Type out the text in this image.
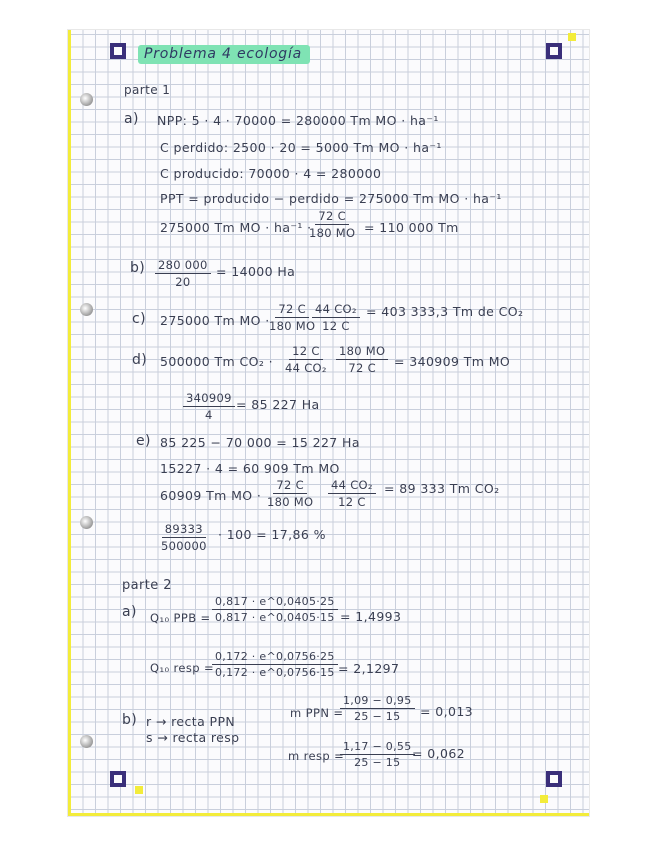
Problema 4 ecología
parte 1
a) NPP: 5 · 4 · 70000 = 280000 Tm MO · ha⁻¹
C perdido: 2500 · 20 = 5000 Tm MO · ha⁻¹
C producido: 70000 · 4 = 280000
PPT = producido − perdido = 275000 Tm MO · ha⁻¹
275000 Tm MO · ha⁻¹ ·
$\frac{72 C}{180 MO} = 110$ 000 Tm
$b) \frac{280 000}{20} = 14000$ Ha
c) 275000 Tm MO ·
$\frac{72 C}{180 MO}$
$\frac{\text{44 CO₂}}{12 C} = 403$ 333,3 Tm de CO₂
d) 500000 Tm $CO_2 \cdot \frac{12 C}{\text{44 CO₂}} \frac{180 MO}{72 C} = 340909$ Tm MO
$\frac{340909}{4} = 85$ 227 Ha
e) 85 225 − 70 000 = 15 227 Ha
15227 · 4 = 60 909 Tm MO
60909 Tm MO · $\frac{72 C}{180 MO} \frac{\text{44 CO₂}}{12 C} = 89$ 333 Tm CO₂
$\frac{89333}{500000} \cdot 100 = 17,86$ %
parte 2
a) Q₁₀ PPB = $\frac{0,817 \cdot e\^{}0,0405\cdot 25}{0,817 \cdot e\^{}0,0405\cdot 15} = 1,4993$
Q₁₀ resp =
$\frac{0,172 \cdot e\^{}0,0756\cdot 25}{0,172 \cdot e\^{}0,0756\cdot 15} = 2,1297$
b) r → recta PPN
s → recta resp
m PPN =
$\frac{1,09 - 0,95}{25 - 15} = 0,013$
m resp =
$\frac{1,17 - 0,55}{25 - 15}$
= 0,062
